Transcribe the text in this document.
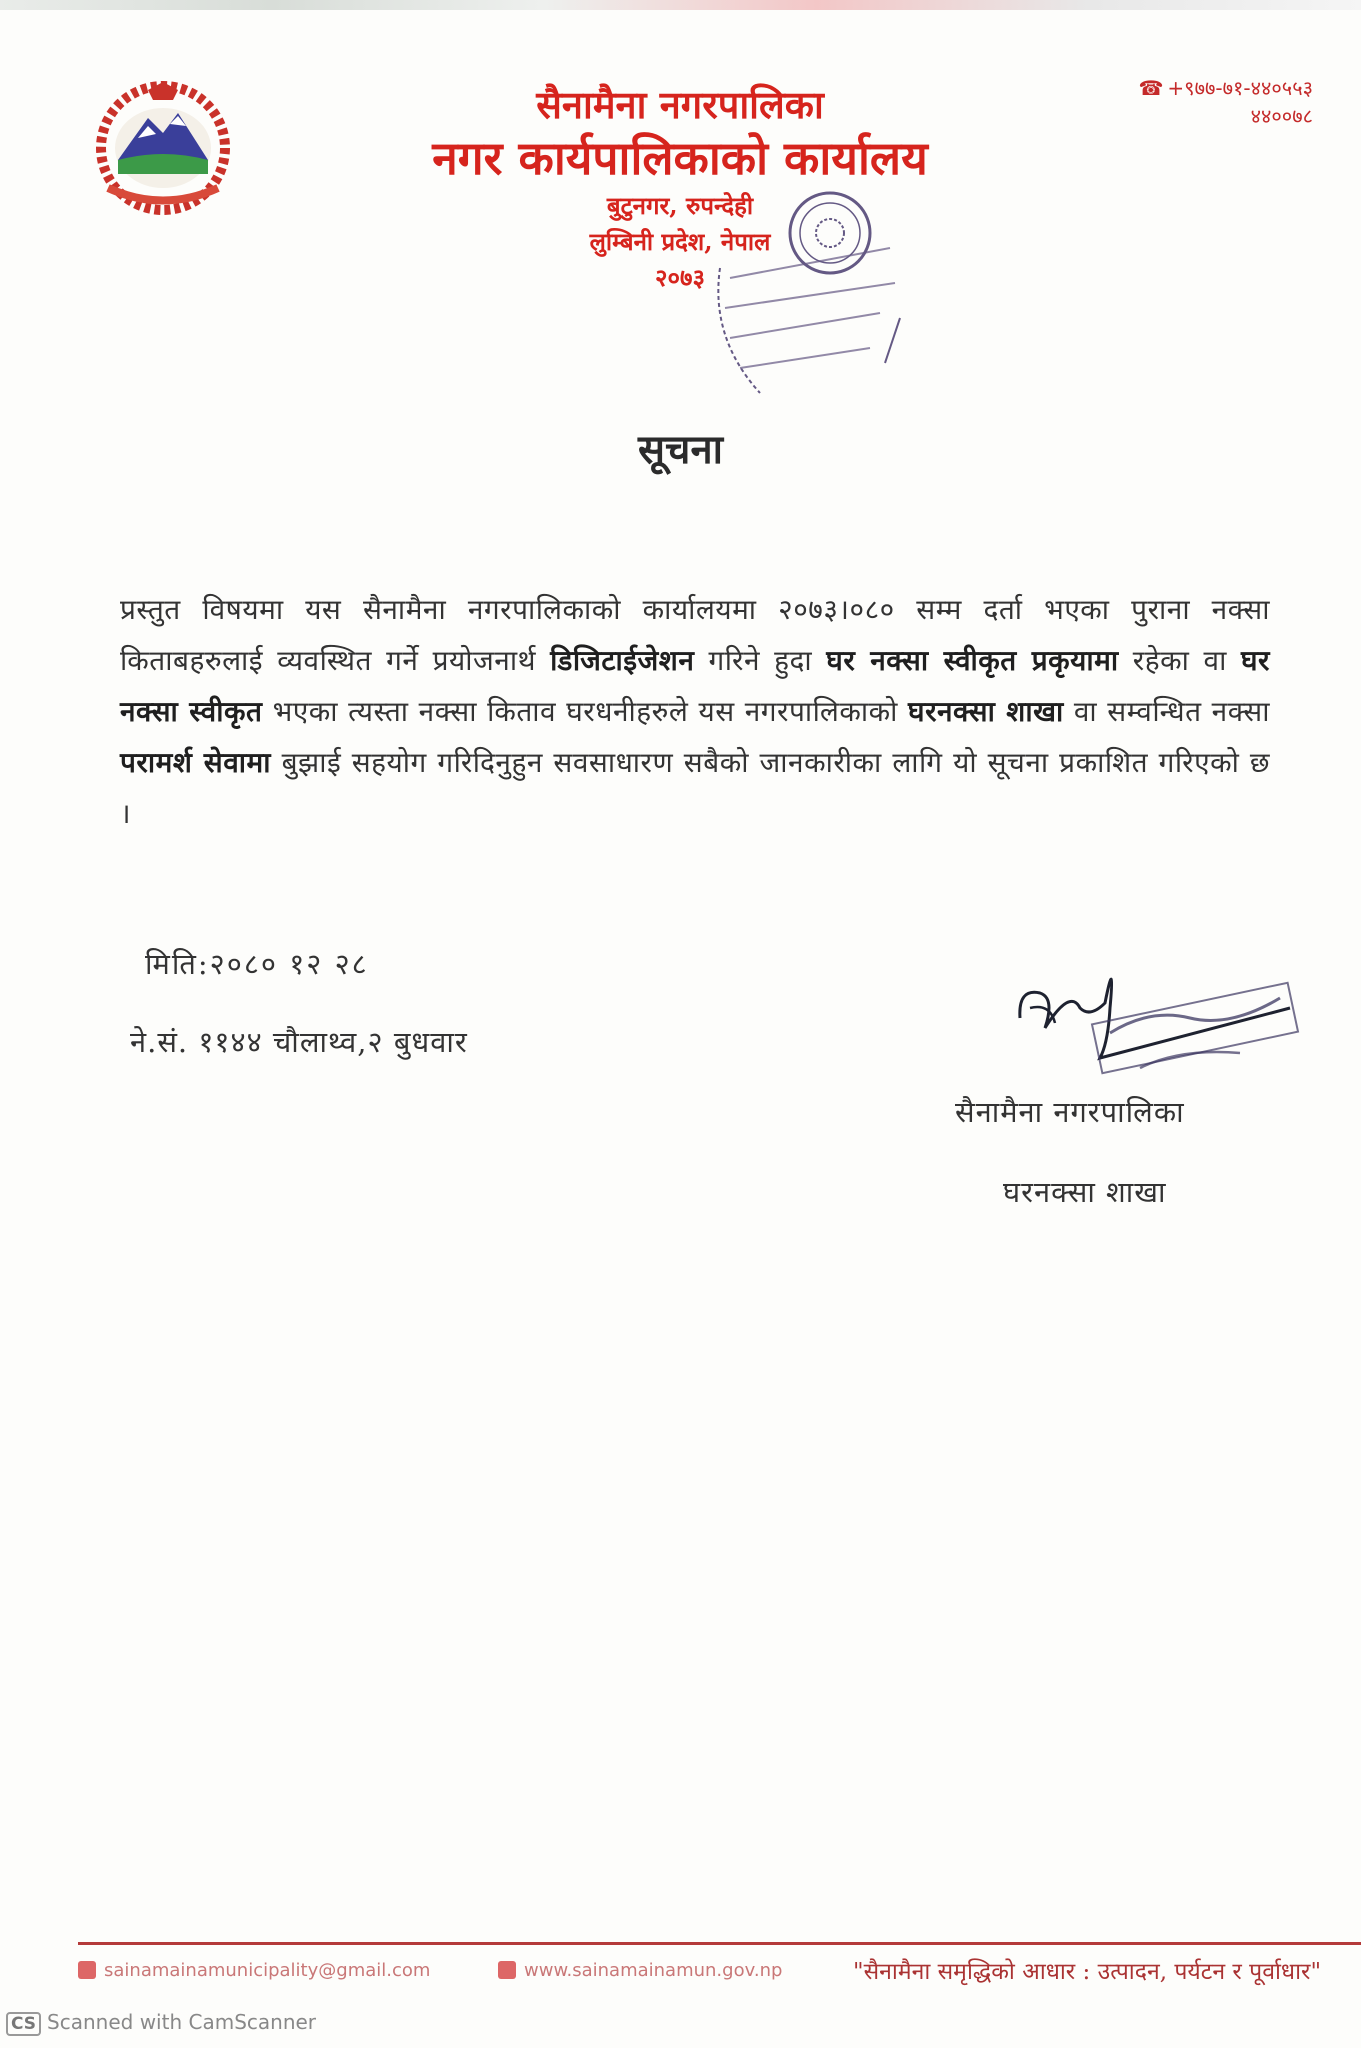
सैनामैना नगरपालिका
नगर कार्यपालिकाको कार्यालय
बुटुनगर, रुपन्देही
लुम्बिनी प्रदेश, नेपाल
२०७३
☎ +९७७-७१-४४०५५३
४४००७८
सूचना
प्रस्तुत विषयमा यस सैनामैना नगरपालिकाको कार्यालयमा २०७३।०८० सम्म दर्ता भएका पुराना नक्सा किताबहरुलाई व्यवस्थित गर्ने प्रयोजनार्थ डिजिटाईजेशन गरिने हुदा घर नक्सा स्वीकृत प्रकृयामा रहेका वा घर नक्सा स्वीकृत भएका त्यस्ता नक्सा किताव घरधनीहरुले यस नगरपालिकाको घरनक्सा शाखा वा सम्वन्धित नक्सा परामर्श सेवामा बुझाई सहयोग गरिदिनुहुन सवसाधारण सबैको जानकारीका लागि यो सूचना प्रकाशित गरिएको छ ।
मिति:२०८० १२ २८
ने.सं. ११४४ चौलाथ्व,२ बुधवार
सैनामैना नगरपालिका
घरनक्सा शाखा
sainamainamunicipality@gmail.com	www.sainamainamun.gov.np	"सैनामैना समृद्धिको आधार : उत्पादन, पर्यटन र पूर्वाधार"
CS Scanned with CamScanner
